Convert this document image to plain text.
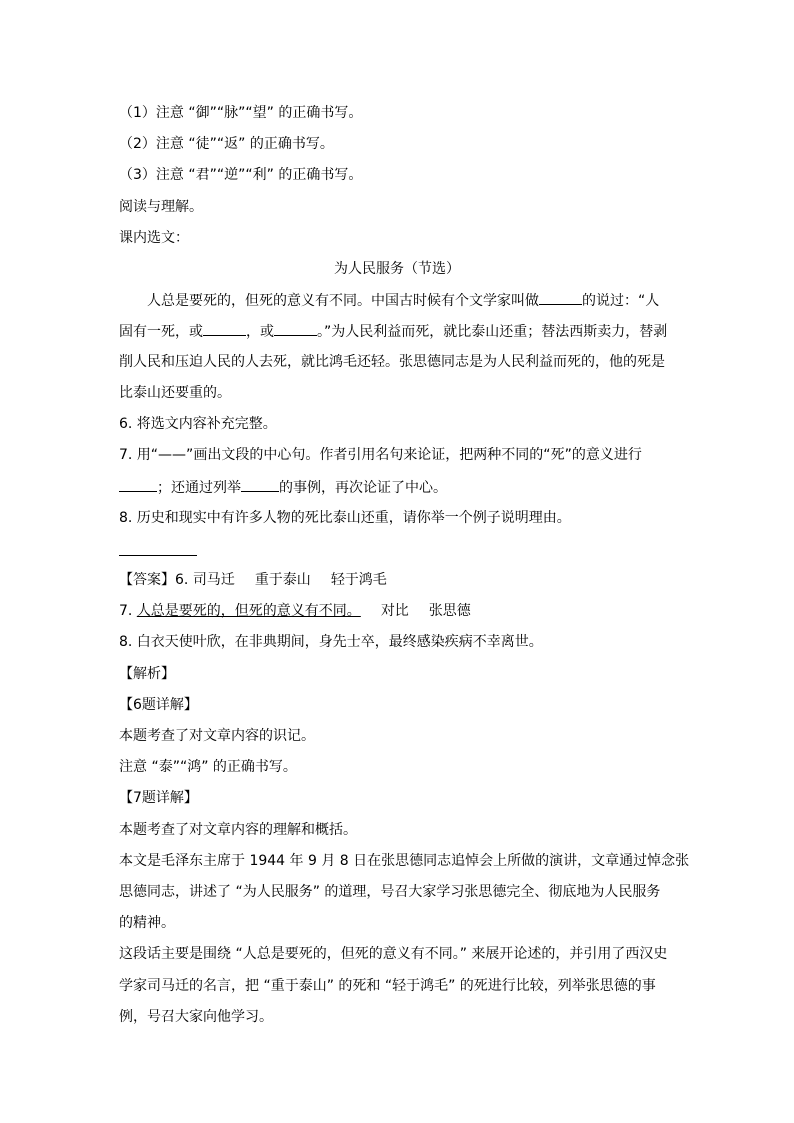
（1）注意 “御”“脉”“望” 的正确书写。
（2）注意 “徒”“返” 的正确书写。
（3）注意 “君”“逆”“利” 的正确书写。
阅读与理解。
课内选文：
为人民服务（节选）
人总是要死的，但死的意义有不同。中国古时候有个文学家叫做	的说过：“人
固有一死，或	，或	。”为人民利益而死，就比泰山还重；替法西斯卖力，替剥
削人民和压迫人民的人去死，就比鸿毛还轻。张思德同志是为人民利益而死的，他的死是
比泰山还要重的。
6. 将选文内容补充完整。
7. 用“——”画出文段的中心句。作者引用名句来论证，把两种不同的“死”的意义进行
；还通过列举	的事例，再次论证了中心。
8. 历史和现实中有许多人物的死比泰山还重，请你举一个例子说明理由。
【答案】6. 司马迁 重于泰山 轻于鸿毛
7. 人总是要死的，但死的意义有不同。 对比 张思德
8. 白衣天使叶欣，在非典期间，身先士卒，最终感染疾病不幸离世。
【解析】
【6题详解】
本题考查了对文章内容的识记。
注意 “泰”“鸿” 的正确书写。
【7题详解】
本题考查了对文章内容的理解和概括。
本文是毛泽东主席于 1944 年 9 月 8 日在张思德同志追悼会上所做的演讲，文章通过悼念张
思德同志，讲述了 “为人民服务” 的道理，号召大家学习张思德完全、彻底地为人民服务
的精神。
这段话主要是围绕 “人总是要死的，但死的意义有不同。” 来展开论述的，并引用了西汉史
学家司马迁的名言，把 “重于泰山” 的死和 “轻于鸿毛” 的死进行比较，列举张思德的事
例，号召大家向他学习。
